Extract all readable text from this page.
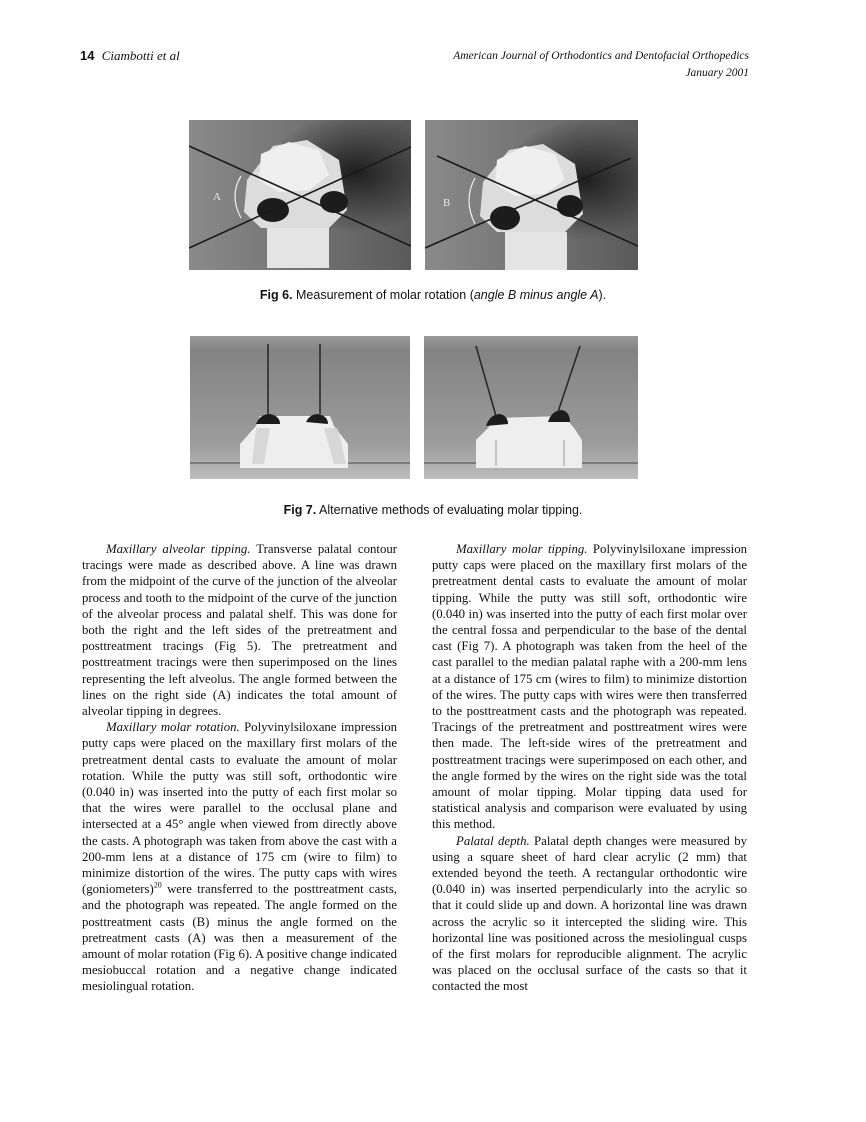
14 Ciambotti et al	American Journal of Orthodontics and Dentofacial Orthopedics
January 2001
A	B
Fig 6. Measurement of molar rotation (angle B minus angle A).
Fig 7. Alternative methods of evaluating molar tipping.

Maxillary alveolar tipping. Transverse palatal contour tracings were made as described above. A line was drawn from the midpoint of the curve of the junction of the alveolar process and tooth to the midpoint of the curve of the junction of the alveolar process and palatal shelf. This was done for both the right and the left sides of the pretreatment and posttreatment tracings (Fig 5). The pretreatment and posttreatment tracings were then superimposed on the lines representing the left alveolus. The angle formed between the lines on the right side (A) indicates the total amount of alveolar tipping in degrees.

Maxillary molar rotation. Polyvinylsiloxane impression putty caps were placed on the maxillary first molars of the pretreatment dental casts to evaluate the amount of molar rotation. While the putty was still soft, orthodontic wire (0.040 in) was inserted into the putty of each first molar so that the wires were parallel to the occlusal plane and intersected at a 45° angle when viewed from directly above the casts. A photograph was taken from above the cast with a 200-mm lens at a distance of 175 cm (wire to film) to minimize distortion of the wires. The putty caps with wires (goniometers)$^{20}$ were transferred to the posttreatment casts, and the photograph was repeated. The angle formed on the posttreatment casts (B) minus the angle formed on the pretreatment casts (A) was then a measurement of the amount of molar rotation (Fig 6). A positive change indicated mesiobuccal rotation and a negative change indicated mesiolingual rotation.

Maxillary molar tipping. Polyvinylsiloxane impression putty caps were placed on the maxillary first molars of the pretreatment dental casts to evaluate the amount of molar tipping. While the putty was still soft, orthodontic wire (0.040 in) was inserted into the putty of each first molar over the central fossa and perpendicular to the base of the dental cast (Fig 7). A photograph was taken from the heel of the cast parallel to the median palatal raphe with a 200-mm lens at a distance of 175 cm (wires to film) to minimize distortion of the wires. The putty caps with wires were then transferred to the posttreatment casts and the photograph was repeated. Tracings of the pretreatment and posttreatment wires were then made. The left-side wires of the pretreatment and posttreatment tracings were superimposed on each other, and the angle formed by the wires on the right side was the total amount of molar tipping. Molar tipping data used for statistical analysis and comparison were evaluated by using this method.

Palatal depth. Palatal depth changes were measured by using a square sheet of hard clear acrylic (2 mm) that extended beyond the teeth. A rectangular orthodontic wire (0.040 in) was inserted perpendicularly into the acrylic so that it could slide up and down. A horizontal line was drawn across the acrylic so it intercepted the sliding wire. This horizontal line was positioned across the mesiolingual cusps of the first molars for reproducible alignment. The acrylic was placed on the occlusal surface of the casts so that it contacted the most
